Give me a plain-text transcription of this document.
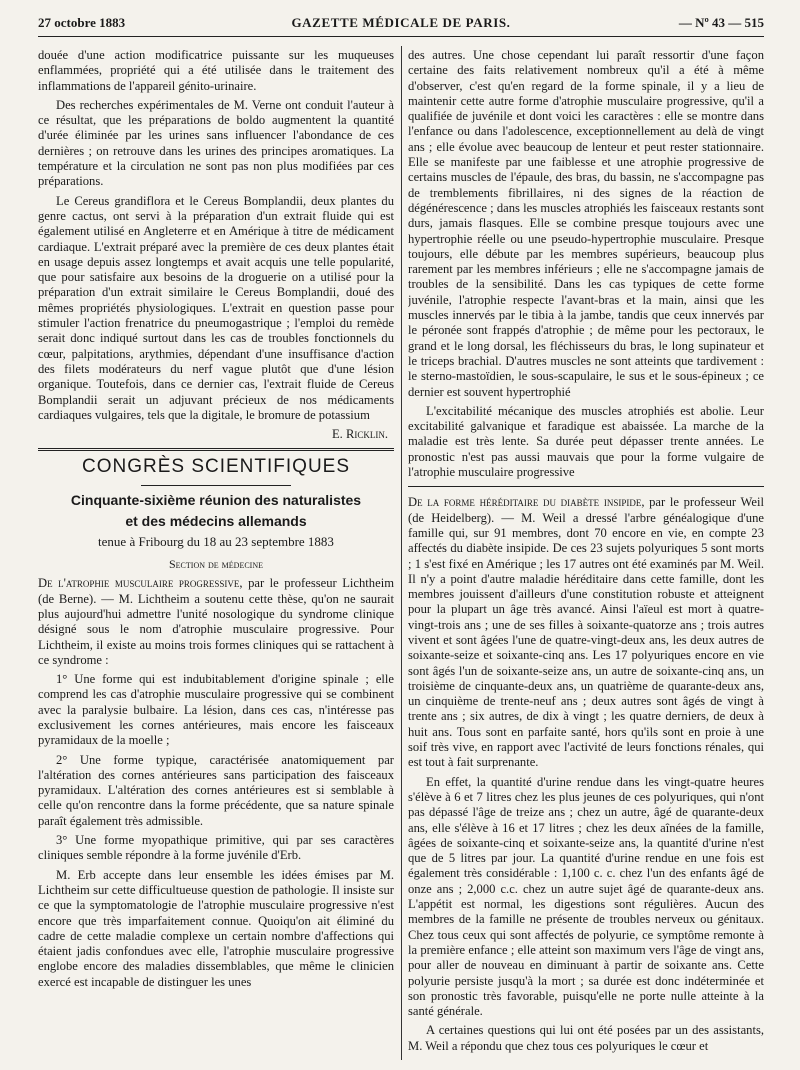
27 octobre 1883	GAZETTE MÉDICALE DE PARIS.	— Nº 43 — 515

douée d'une action modificatrice puissante sur les muqueuses enflammées, propriété qui a été utilisée dans le traitement des inflammations de l'appareil génito-urinaire.

Des recherches expérimentales de M. Verne ont conduit l'auteur à ce résultat, que les préparations de boldo augmentent la quantité d'urée éliminée par les urines sans influencer l'abondance de ces dernières ; on retrouve dans les urines des principes aromatiques. La température et la circulation ne sont pas non plus modifiées par ces préparations.

Le Cereus grandiflora et le Cereus Bomplandii, deux plantes du genre cactus, ont servi à la préparation d'un extrait fluide qui est également utilisé en Angleterre et en Amérique à titre de médicament cardiaque. L'extrait préparé avec la première de ces deux plantes était en usage depuis assez longtemps et avait acquis une telle popularité, que pour satisfaire aux besoins de la droguerie on a utilisé pour la préparation d'un extrait similaire le Cereus Bomplandii, doué des mêmes propriétés physiologiques. L'extrait en question passe pour stimuler l'action frenatrice du pneumogastrique ; l'emploi du remède serait donc indiqué surtout dans les cas de troubles fonctionnels du cœur, palpitations, arythmies, dépendant d'une insuffisance d'action des filets modérateurs du nerf vague plutôt que d'une lésion organique. Toutefois, dans ce dernier cas, l'extrait fluide de Cereus Bomplandii serait un adjuvant précieux de nos médicaments cardiaques vulgaires, tels que la digitale, le bromure de potassium

E. Ricklin.
CONGRÈS SCIENTIFIQUES
Cinquante-sixième réunion des naturalistes
et des médecins allemands
tenue à Fribourg du 18 au 23 septembre 1883
Section de médecine

De l'atrophie musculaire progressive, par le professeur Lichtheim (de Berne). — M. Lichtheim a soutenu cette thèse, qu'on ne saurait plus aujourd'hui admettre l'unité nosologique du syndrome clinique désigné sous le nom d'atrophie musculaire progressive. Pour Lichtheim, il existe au moins trois formes cliniques qui se rattachent à ce syndrome :

1° Une forme qui est indubitablement d'origine spinale ; elle comprend les cas d'atrophie musculaire progressive qui se combinent avec la paralysie bulbaire. La lésion, dans ces cas, n'intéresse pas exclusivement les cornes antérieures, mais encore les faisceaux pyramidaux de la moelle ;

2° Une forme typique, caractérisée anatomiquement par l'altération des cornes antérieures sans participation des faisceaux pyramidaux. L'altération des cornes antérieures est si semblable à celle qu'on rencontre dans la forme précédente, que sa nature spinale paraît également très admissible.

3° Une forme myopathique primitive, qui par ses caractères cliniques semble répondre à la forme juvénile d'Erb.

M. Erb accepte dans leur ensemble les idées émises par M. Lichtheim sur cette difficultueuse question de pathologie. Il insiste sur ce que la symptomatologie de l'atrophie musculaire progressive n'est encore que très imparfaitement connue. Quoiqu'on ait éliminé du cadre de cette maladie complexe un certain nombre d'affections qui étaient jadis confondues avec elle, l'atrophie musculaire progressive englobe encore des maladies dissemblables, que même le clinicien exercé est incapable de distinguer les unes

des autres. Une chose cependant lui paraît ressortir d'une façon certaine des faits relativement nombreux qu'il a été à même d'observer, c'est qu'en regard de la forme spinale, il y a lieu de maintenir cette autre forme d'atrophie musculaire progressive, qu'il a qualifiée de juvénile et dont voici les caractères : elle se montre dans l'enfance ou dans l'adolescence, exceptionnellement au delà de vingt ans ; elle évolue avec beaucoup de lenteur et peut rester stationnaire. Elle se manifeste par une faiblesse et une atrophie progressive de certains muscles de l'épaule, des bras, du bassin, ne s'accompagne pas de tremblements fibrillaires, ni des signes de la réaction de dégénérescence ; dans les muscles atrophiés les faisceaux restants sont durs, jamais flasques. Elle se combine presque toujours avec une hypertrophie réelle ou une pseudo-hypertrophie musculaire. Presque toujours, elle débute par les membres supérieurs, beaucoup plus rarement par les membres inférieurs ; elle ne s'accompagne jamais de troubles de la sensibilité. Dans les cas typiques de cette forme juvénile, l'atrophie respecte l'avant-bras et la main, ainsi que les muscles innervés par le tibia à la jambe, tandis que ceux innervés par le péronée sont frappés d'atrophie ; de même pour les pectoraux, le grand et le long dorsal, les fléchisseurs du bras, le long supinateur et le triceps brachial. D'autres muscles ne sont atteints que tardivement : le sterno-mastoïdien, le sous-scapulaire, le sus et le sous-épineux ; ce dernier est souvent hypertrophié

L'excitabilité mécanique des muscles atrophiés est abolie. Leur excitabilité galvanique et faradique est abaissée. La marche de la maladie est très lente. Sa durée peut dépasser trente années. Le pronostic n'est pas aussi mauvais que pour la forme vulgaire de l'atrophie musculaire progressive

De la forme héréditaire du diabète insipide, par le professeur Weil (de Heidelberg). — M. Weil a dressé l'arbre généalogique d'une famille qui, sur 91 membres, dont 70 encore en vie, en compte 23 affectés du diabète insipide. De ces 23 sujets polyuriques 5 sont morts ; 1 s'est fixé en Amérique ; les 17 autres ont été examinés par M. Weil. Il n'y a point d'autre maladie héréditaire dans cette famille, dont les membres jouissent d'ailleurs d'une constitution robuste et atteignent pour la plupart un âge très avancé. Ainsi l'aïeul est mort à quatre-vingt-trois ans ; une de ses filles à soixante-quatorze ans ; trois autres vivent et sont âgées l'une de quatre-vingt-deux ans, les deux autres de soixante-seize et soixante-cinq ans. Les 17 polyuriques encore en vie sont âgés l'un de soixante-seize ans, un autre de soixante-cinq ans, un troisième de cinquante-deux ans, un quatrième de quarante-deux ans, un cinquième de trente-neuf ans ; deux autres sont âgés de vingt à trente ans ; six autres, de dix à vingt ; les quatre derniers, de deux à huit ans. Tous sont en parfaite santé, hors qu'ils sont en proie à une soif très vive, en rapport avec l'activité de leurs fonctions rénales, qui est tout à fait surprenante.

En effet, la quantité d'urine rendue dans les vingt-quatre heures s'élève à 6 et 7 litres chez les plus jeunes de ces polyuriques, qui n'ont pas dépassé l'âge de treize ans ; chez un autre, âgé de quarante-deux ans, elle s'élève à 16 et 17 litres ; chez les deux aînées de la famille, âgées de soixante-cinq et soixante-seize ans, la quantité d'urine n'est que de 5 litres par jour. La quantité d'urine rendue en une fois est également très considérable : 1,100 c. c. chez l'un des enfants âgé de onze ans ; 2,000 c.c. chez un autre sujet âgé de quarante-deux ans. L'appétit est normal, les digestions sont régulières. Aucun des membres de la famille ne présente de troubles nerveux ou génitaux. Chez tous ceux qui sont affectés de polyurie, ce symptôme remonte à la première enfance ; elle atteint son maximum vers l'âge de vingt ans, pour aller de nouveau en diminuant à partir de soixante ans. Cette polyurie persiste jusqu'à la mort ; sa durée est donc indéterminée et son pronostic très favorable, puisqu'elle ne porte nulle atteinte à la santé générale.

A certaines questions qui lui ont été posées par un des assistants, M. Weil a répondu que chez tous ces polyuriques le cœur et
